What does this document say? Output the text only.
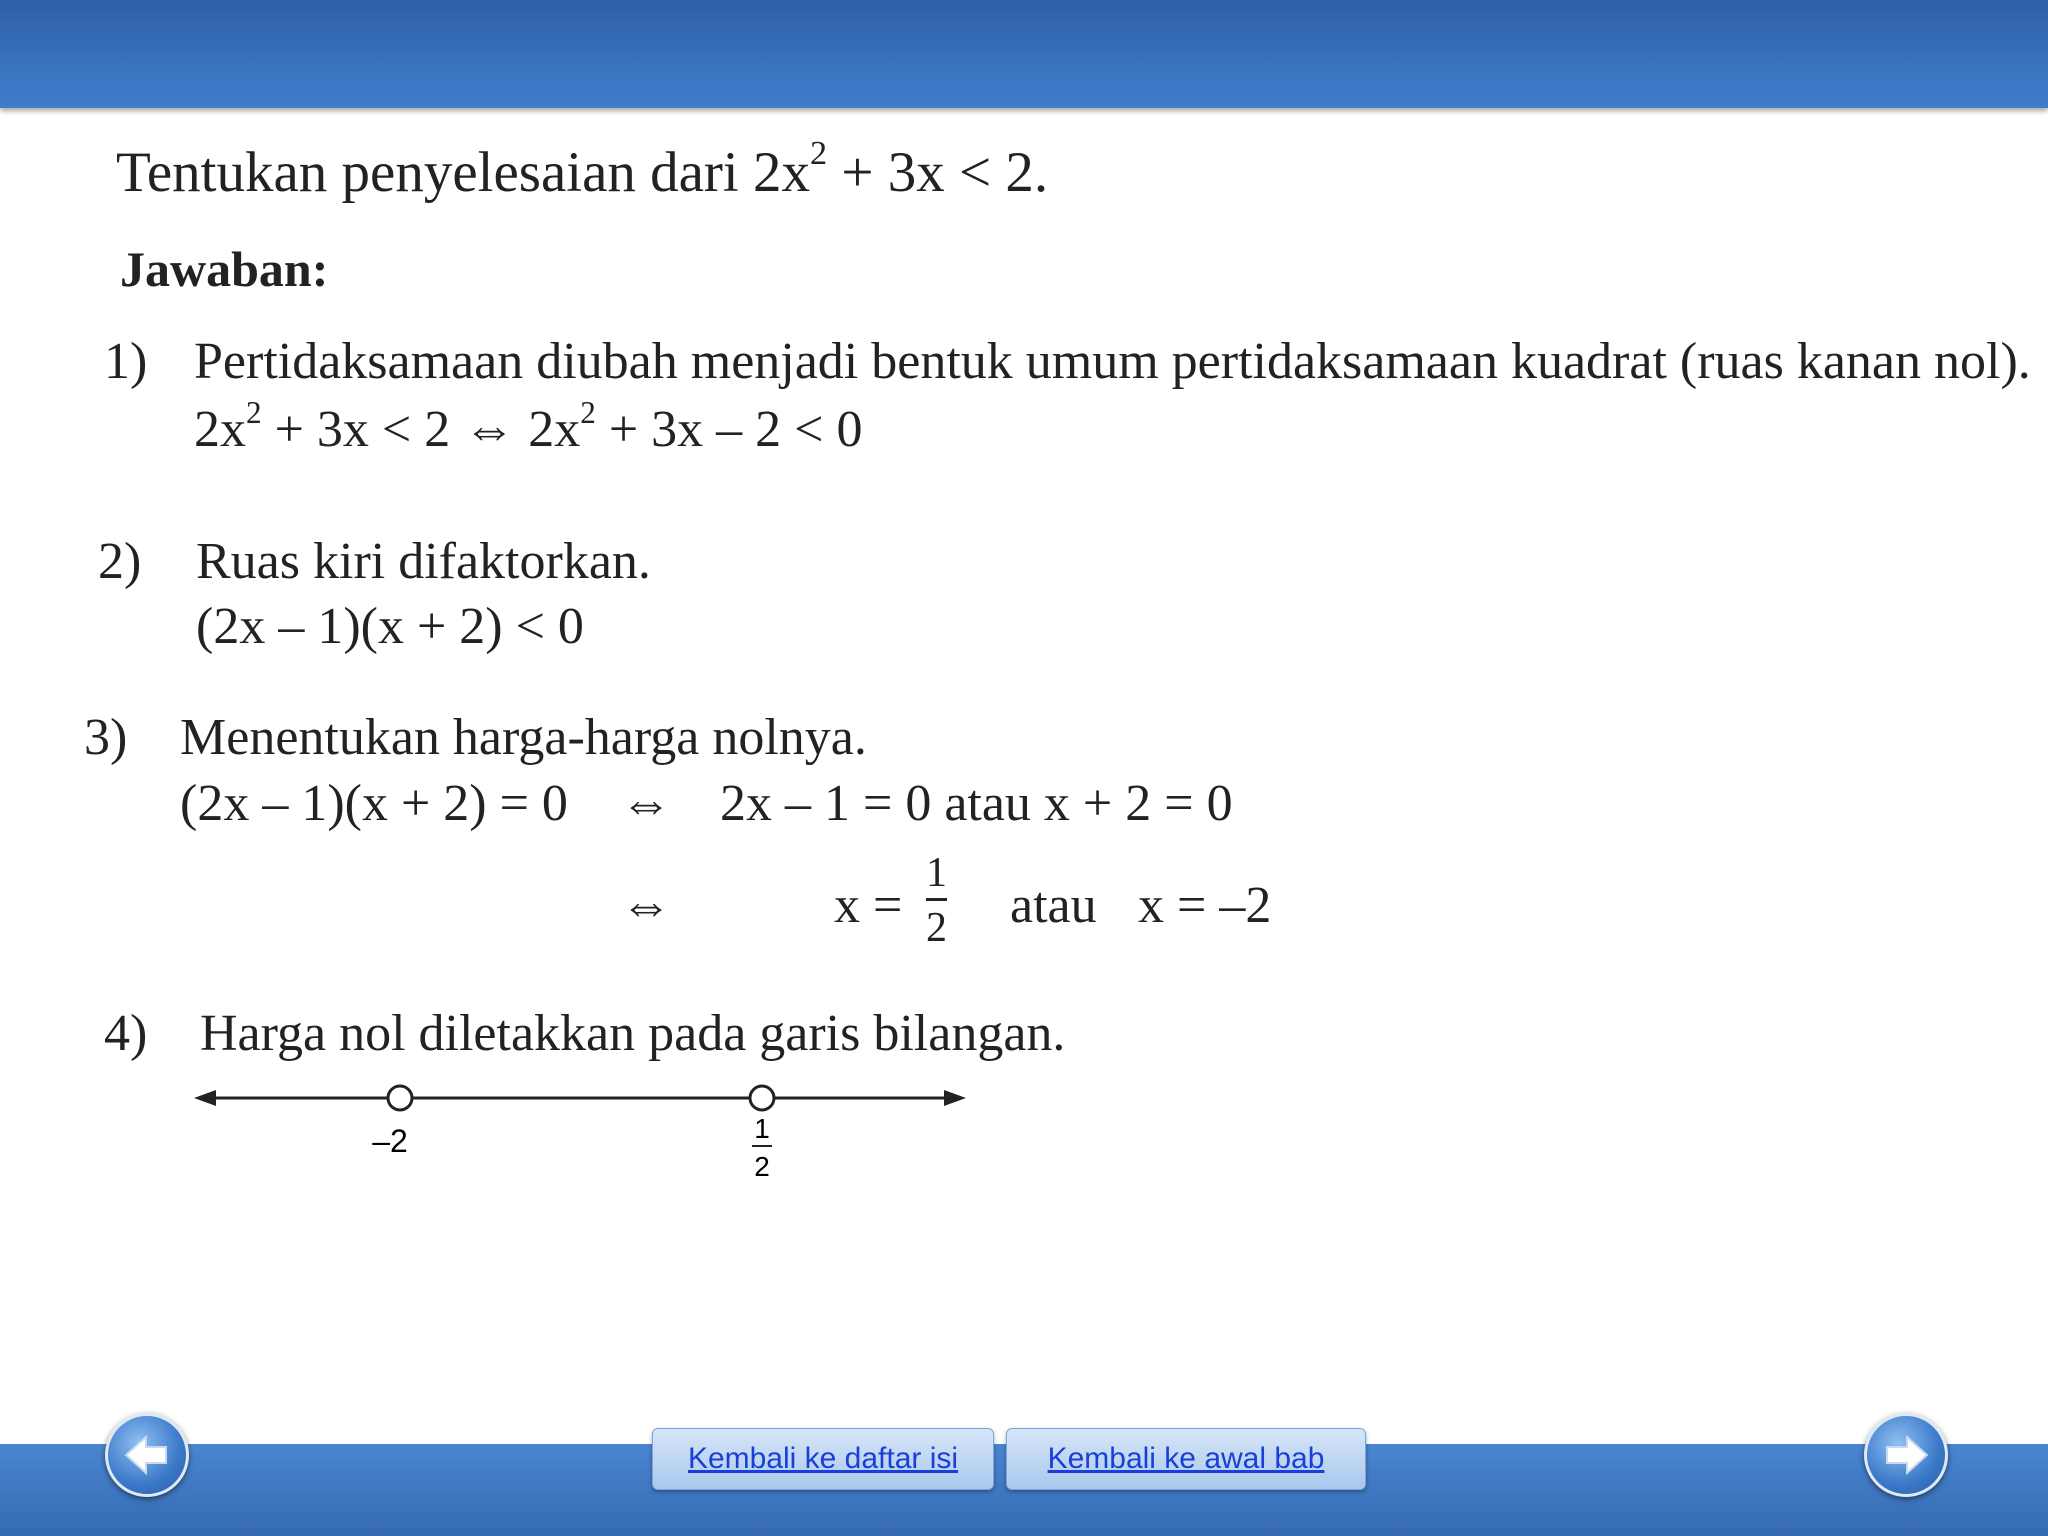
Tentukan penyelesaian dari $2x^2 + 3x < 2$.
Jawaban:
1) Pertidaksamaan diubah menjadi bentuk umum pertidaksamaan kuadrat (ruas kanan nol).
$2x^2 + 3x < 2$ ⇔ $2x^2 + 3x - 2 < 0$
2) Ruas kiri difaktorkan.
(2x – 1)(x + 2) < 0
3) Menentukan harga-harga nolnya.
(2x – 1)(x + 2) = 0 ⇔ 2x – 1 = 0 atau x + 2 = 0
⇔	$x = \frac{1}{2}$ atau x = –2
4) Harga nol diletakkan pada garis bilangan.
–2	1
2
Kembali ke daftar isi	Kembali ke awal bab
